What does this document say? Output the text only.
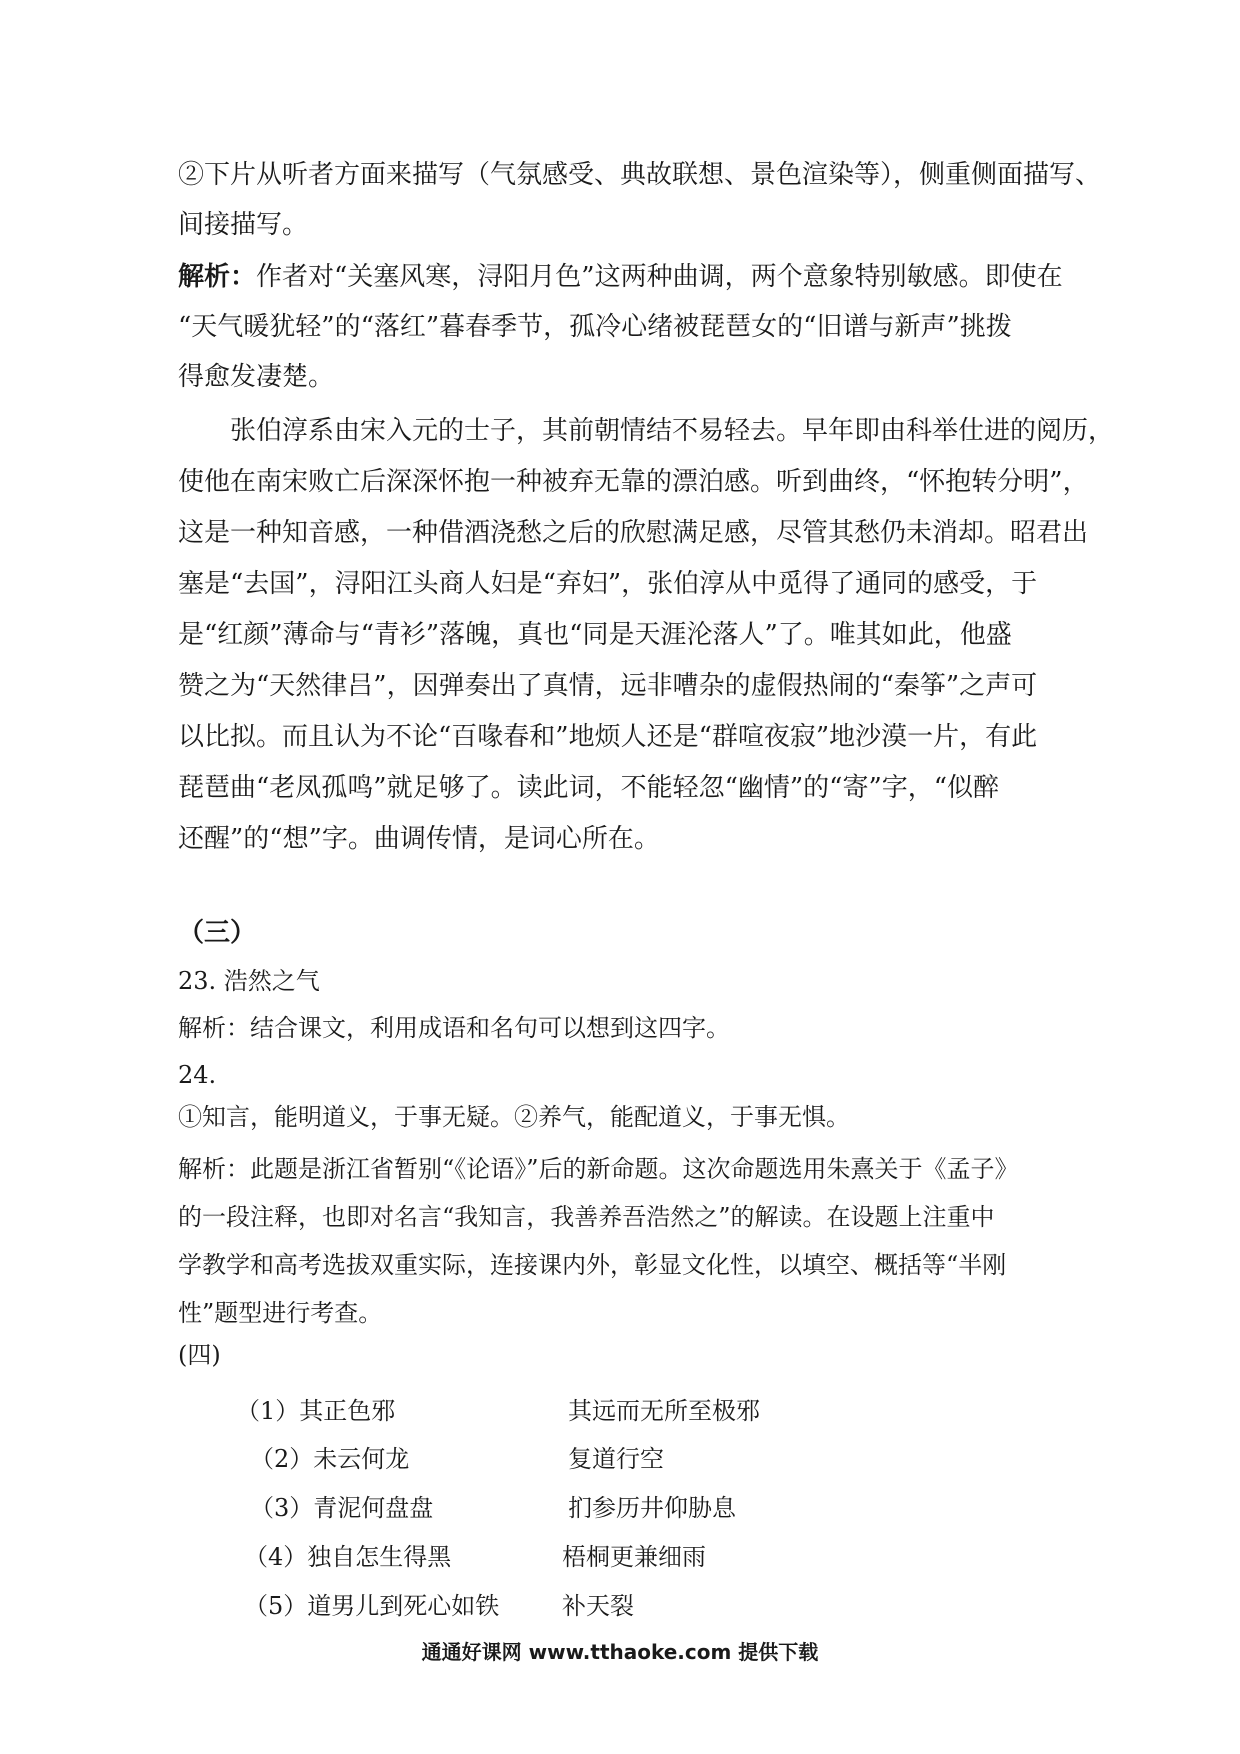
②下片从听者方面来描写（气氛感受、典故联想、景色渲染等），侧重侧面描写、
间接描写。
解析：作者对“关塞风寒，浔阳月色”这两种曲调，两个意象特别敏感。即使在
“天气暖犹轻”的“落红”暮春季节，孤冷心绪被琵琶女的“旧谱与新声”挑拨
得愈发凄楚。
　　张伯淳系由宋入元的士子，其前朝情结不易轻去。早年即由科举仕进的阅历，
使他在南宋败亡后深深怀抱一种被弃无靠的漂泊感。听到曲终，“怀抱转分明”，
这是一种知音感，一种借酒浇愁之后的欣慰满足感，尽管其愁仍未消却。昭君出
塞是“去国”，浔阳江头商人妇是“弃妇”，张伯淳从中觅得了通同的感受，于
是“红颜”薄命与“青衫”落魄，真也“同是天涯沦落人”了。唯其如此，他盛
赞之为“天然律吕”，因弹奏出了真情，远非嘈杂的虚假热闹的“秦筝”之声可
以比拟。而且认为不论“百喙春和”地烦人还是“群喧夜寂”地沙漠一片，有此
琵琶曲“老凤孤鸣”就足够了。读此词，不能轻忽“幽情”的“寄”字，“似醉
还醒”的“想”字。曲调传情，是词心所在。
（三）
23. 浩然之气
解析：结合课文，利用成语和名句可以想到这四字。
24.
①知言，能明道义，于事无疑。②养气，能配道义，于事无惧。
解析：此题是浙江省暂别“《论语》”后的新命题。这次命题选用朱熹关于《孟子》
的一段注释，也即对名言“我知言，我善养吾浩然之”的解读。在设题上注重中
学教学和高考选拔双重实际，连接课内外，彰显文化性，以填空、概括等“半刚
性”题型进行考查。
(四)
（1）其正色邪	其远而无所至极邪
（2）未云何龙	复道行空
（3）青泥何盘盘	扪参历井仰胁息
（4）独自怎生得黑	梧桐更兼细雨
（5）道男儿到死心如铁	补天裂
通通好课网 www.tthaoke.com 提供下载
